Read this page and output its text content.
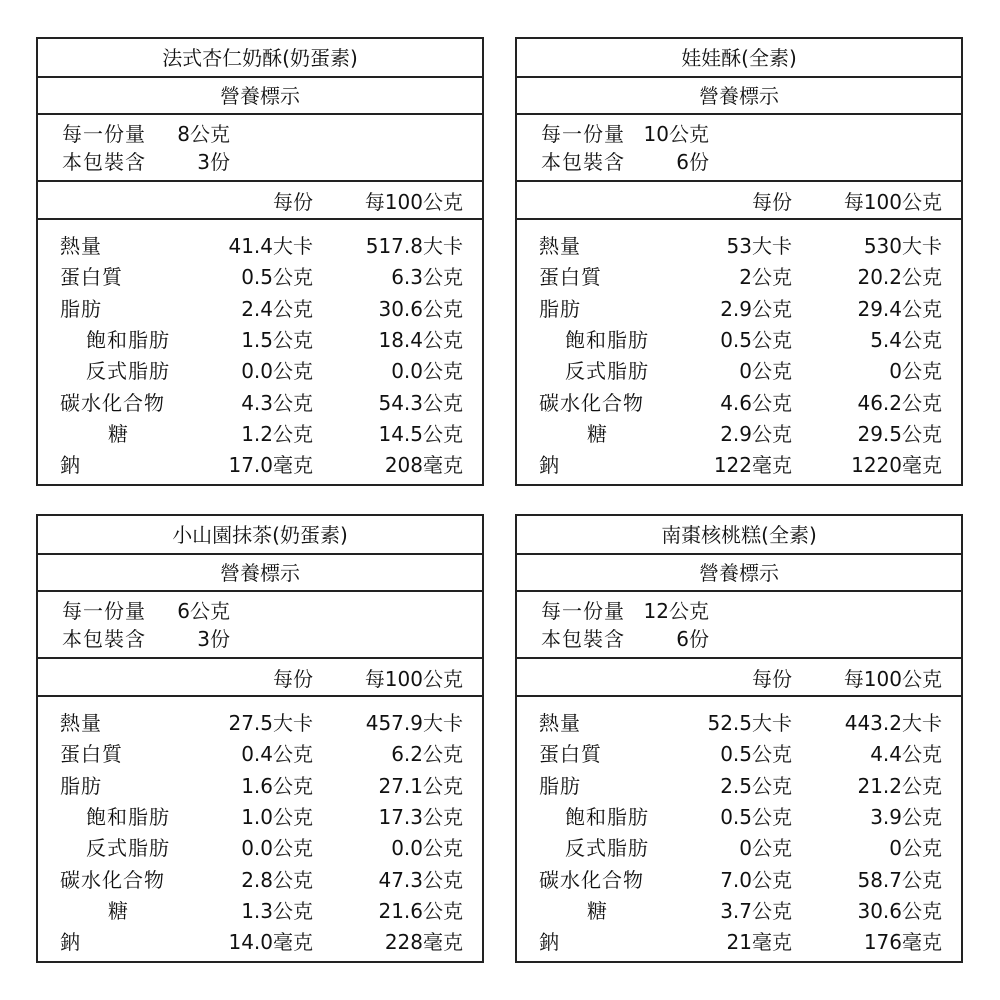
法式杏仁奶酥(奶蛋素)
營養標示
每一份量	8公克
本包裝含	3份
每份	每100公克
熱量	41.4大卡	517.8大卡
蛋白質	0.5公克	6.3公克
脂肪	2.4公克	30.6公克
飽和脂肪	1.5公克	18.4公克
反式脂肪	0.0公克	0.0公克
碳水化合物	4.3公克	54.3公克
糖	1.2公克	14.5公克
鈉	17.0毫克	208毫克
娃娃酥(全素)
營養標示
每一份量 10公克
本包裝含	6份
每份	每100公克
熱量	53大卡	530大卡
蛋白質	2公克	20.2公克
脂肪	2.9公克	29.4公克
飽和脂肪	0.5公克	5.4公克
反式脂肪	0公克	0公克
碳水化合物	4.6公克	46.2公克
糖	2.9公克	29.5公克
鈉	122毫克	1220毫克
小山園抹茶(奶蛋素)
營養標示
每一份量	6公克
本包裝含	3份
每份	每100公克
熱量	27.5大卡	457.9大卡
蛋白質	0.4公克	6.2公克
脂肪	1.6公克	27.1公克
飽和脂肪	1.0公克	17.3公克
反式脂肪	0.0公克	0.0公克
碳水化合物	2.8公克	47.3公克
糖	1.3公克	21.6公克
鈉	14.0毫克	228毫克
南棗核桃糕(全素)
營養標示
每一份量 12公克
本包裝含	6份
每份	每100公克
熱量	52.5大卡	443.2大卡
蛋白質	0.5公克	4.4公克
脂肪	2.5公克	21.2公克
飽和脂肪	0.5公克	3.9公克
反式脂肪	0公克	0公克
碳水化合物	7.0公克	58.7公克
糖	3.7公克	30.6公克
鈉	21毫克	176毫克
